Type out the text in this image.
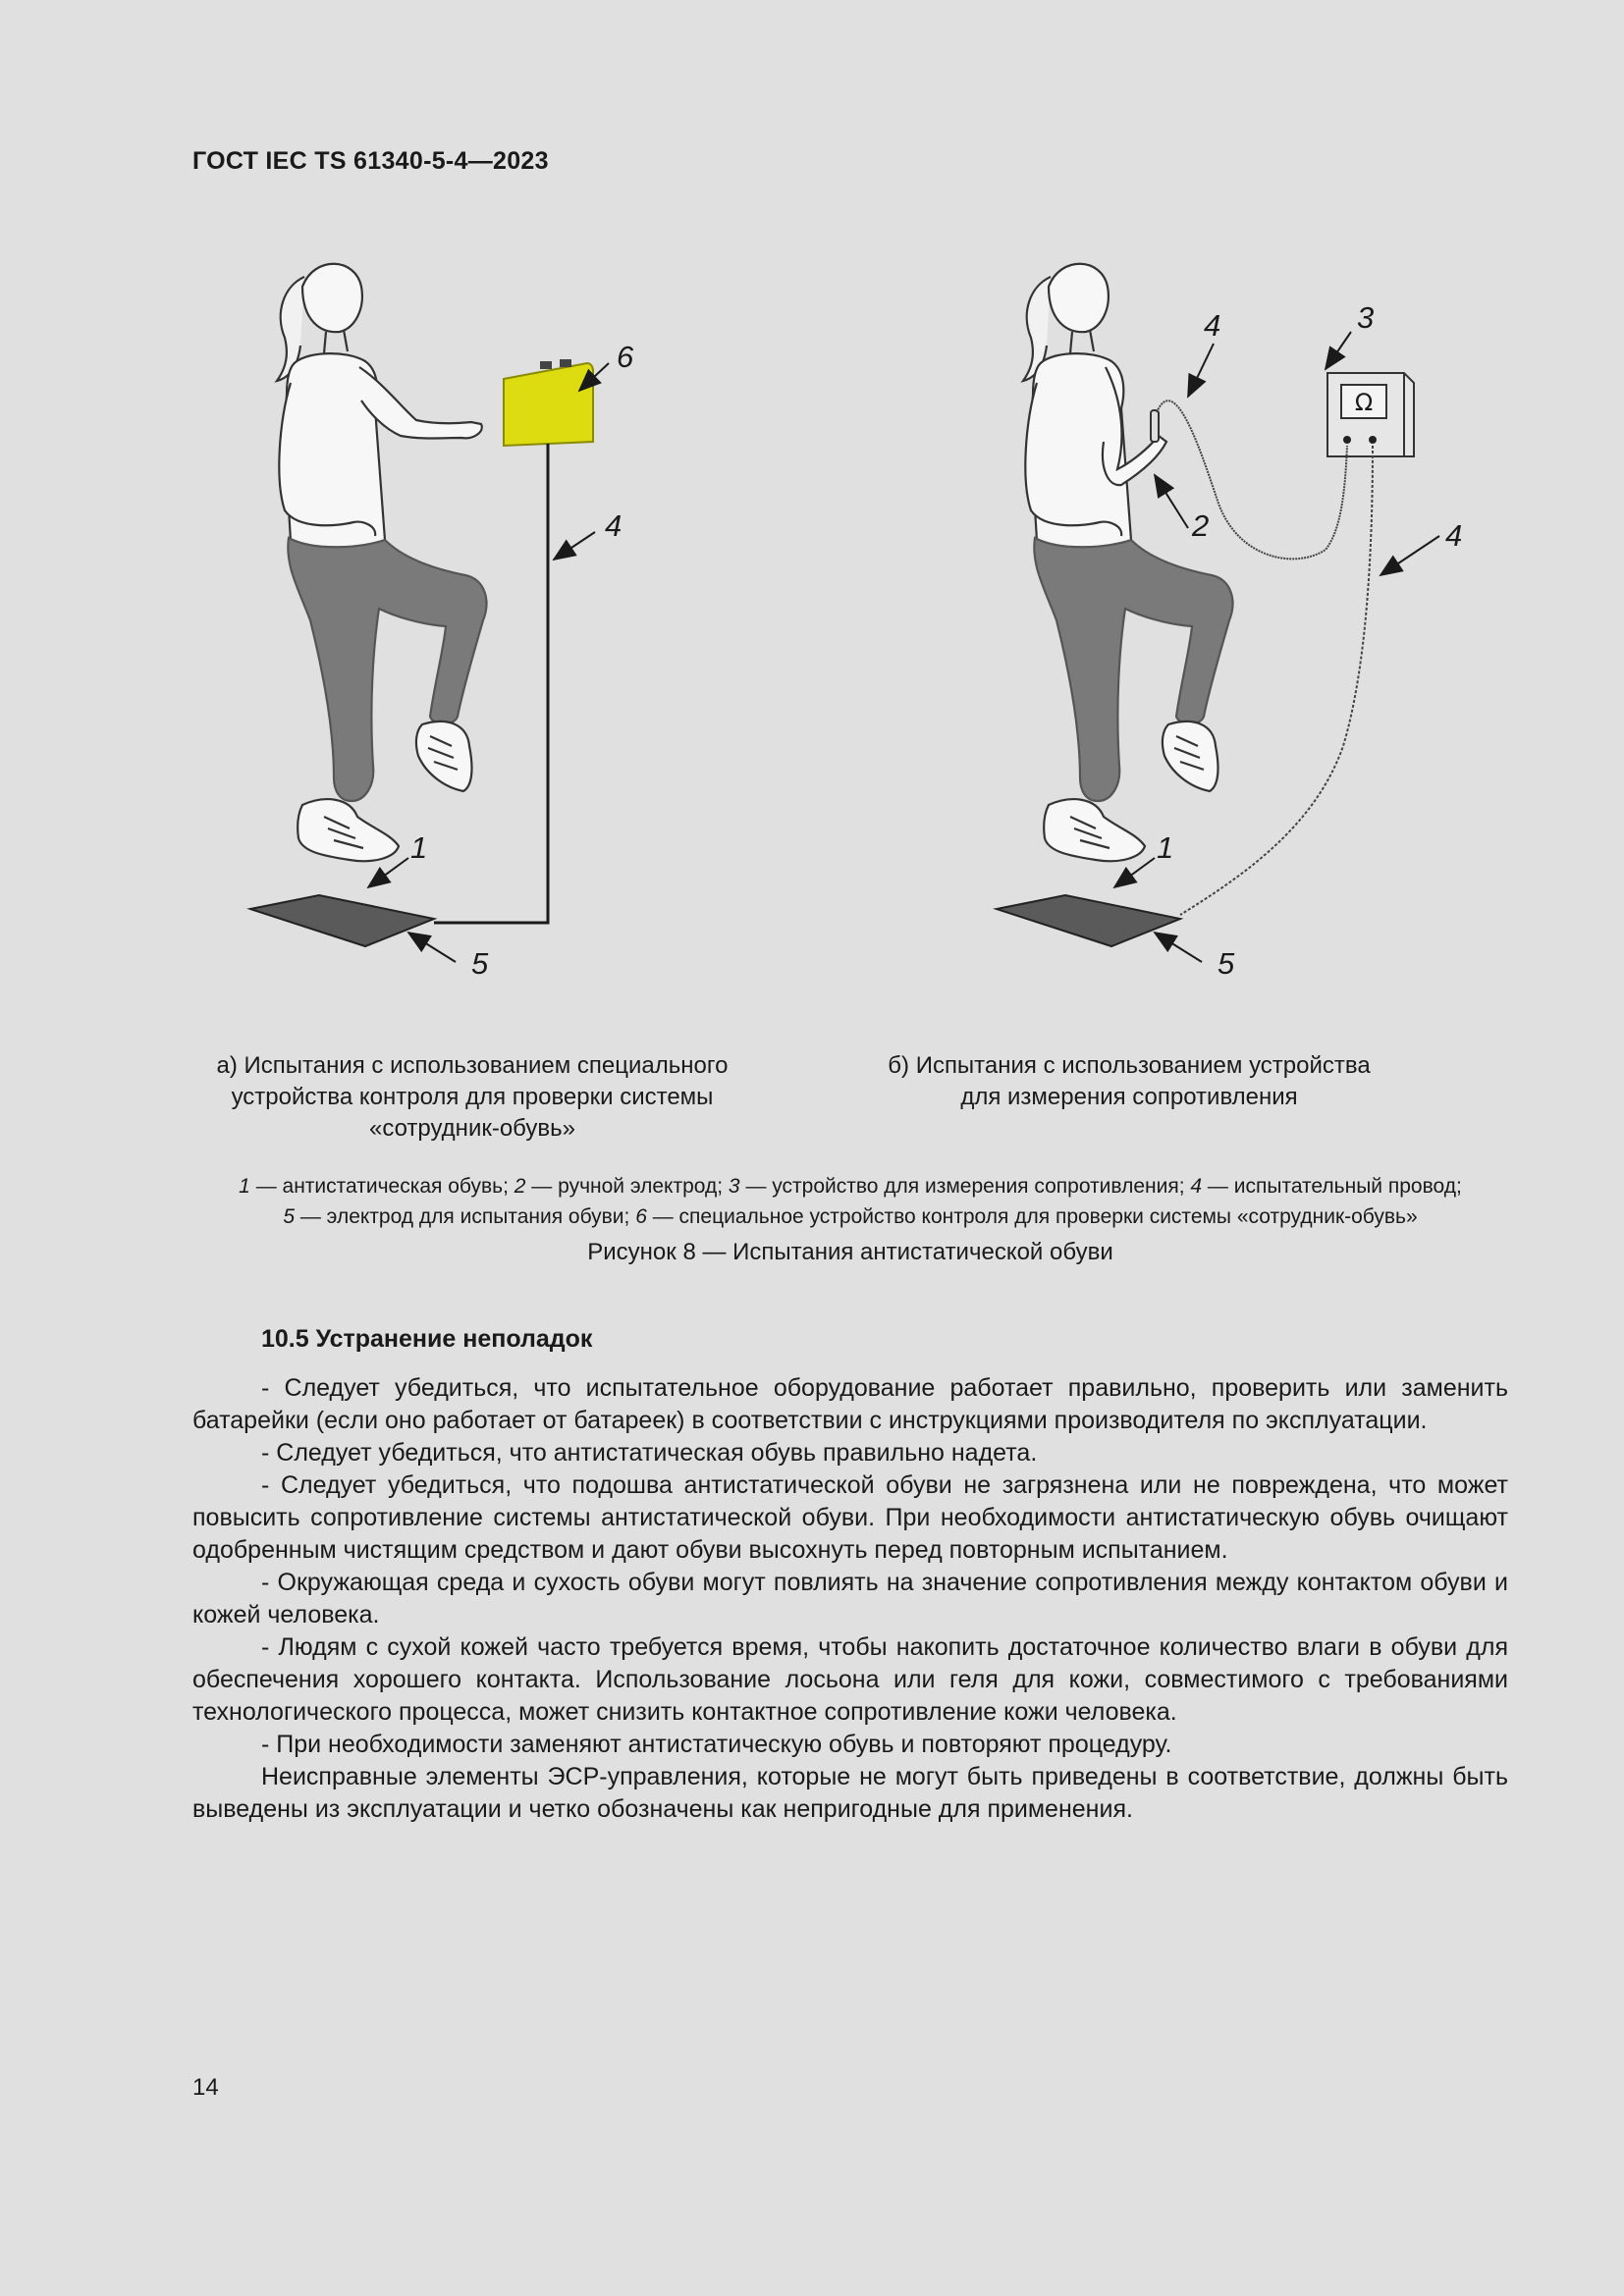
ГОСТ IEC TS 61340-5-4—2023
6
4
1
5
Ω
3
4
2	4
1
5
а) Испытания с использованием специального
устройства контроля для проверки системы
«сотрудник-обувь»
б) Испытания с использованием устройства
для измерения сопротивления
1 — антистатическая обувь; 2 — ручной электрод; 3 — устройство для измерения сопротивления; 4 — испытательный провод;
5 — электрод для испытания обуви; 6 — специальное устройство контроля для проверки системы «сотрудник-обувь»
Рисунок 8 — Испытания антистатической обуви
10.5 Устранение неполадок

- Следует убедиться, что испытательное оборудование работает правильно, проверить или заменить батарейки (если оно работает от батареек) в соответствии с инструкциями производителя по эксплуатации.

- Следует убедиться, что антистатическая обувь правильно надета.

- Следует убедиться, что подошва антистатической обуви не загрязнена или не повреждена, что может повысить сопротивление системы антистатической обуви. При необходимости антистатическую обувь очищают одобренным чистящим средством и дают обуви высохнуть перед повторным испытанием.

- Окружающая среда и сухость обуви могут повлиять на значение сопротивления между контактом обуви и кожей человека.

- Людям с сухой кожей часто требуется время, чтобы накопить достаточное количество влаги в обуви для обеспечения хорошего контакта. Использование лосьона или геля для кожи, совместимого с требованиями технологического процесса, может снизить контактное сопротивление кожи человека.

- При необходимости заменяют антистатическую обувь и повторяют процедуру.

Неисправные элементы ЭСР-управления, которые не могут быть приведены в соответствие, должны быть выведены из эксплуатации и четко обозначены как непригодные для применения.

14
